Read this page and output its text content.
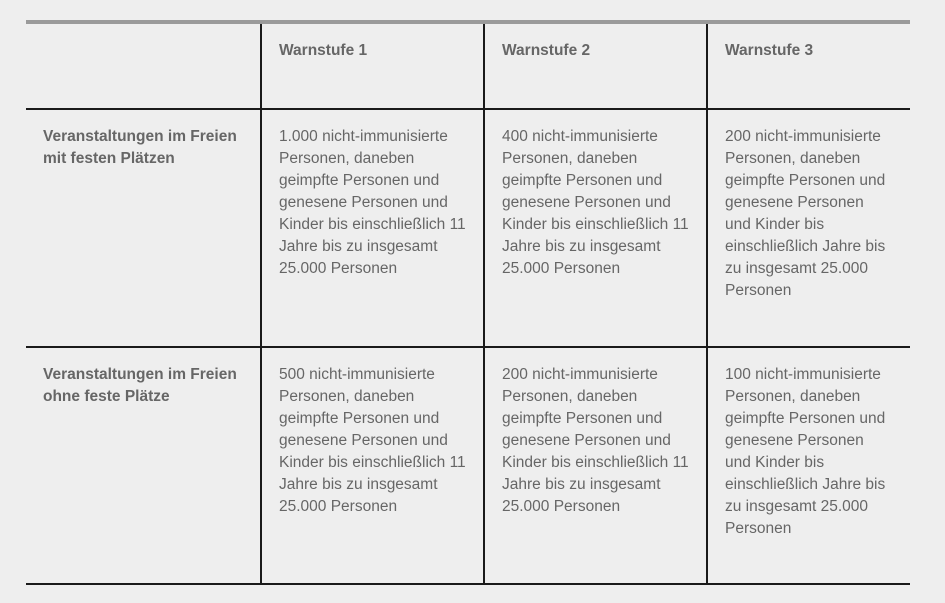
	Warnstufe 1	Warnstufe 2	Warnstufe 3
Veranstaltungen im Freien mit festen Plätzen	1.000 nicht-immunisierte Personen, daneben geimpfte Personen und genesene Personen und Kinder bis einschließlich 11 Jahre bis zu insgesamt 25.000 Personen	400 nicht-immunisierte Personen, daneben geimpfte Personen und genesene Personen und Kinder bis einschließlich 11 Jahre bis zu insgesamt 25.000 Personen	200 nicht-immunisierte Personen, daneben geimpfte Personen und genesene Personen und Kinder bis einschließlich Jahre bis zu insgesamt 25.000 Personen
Veranstaltungen im Freien ohne feste Plätze	500 nicht-immunisierte Personen, daneben geimpfte Personen und genesene Personen und Kinder bis einschließlich 11 Jahre bis zu insgesamt 25.000 Personen	200 nicht-immunisierte Personen, daneben geimpfte Personen und genesene Personen und Kinder bis einschließlich 11 Jahre bis zu insgesamt 25.000 Personen	100 nicht-immunisierte Personen, daneben geimpfte Personen und genesene Personen und Kinder bis einschließlich Jahre bis zu insgesamt 25.000 Personen
